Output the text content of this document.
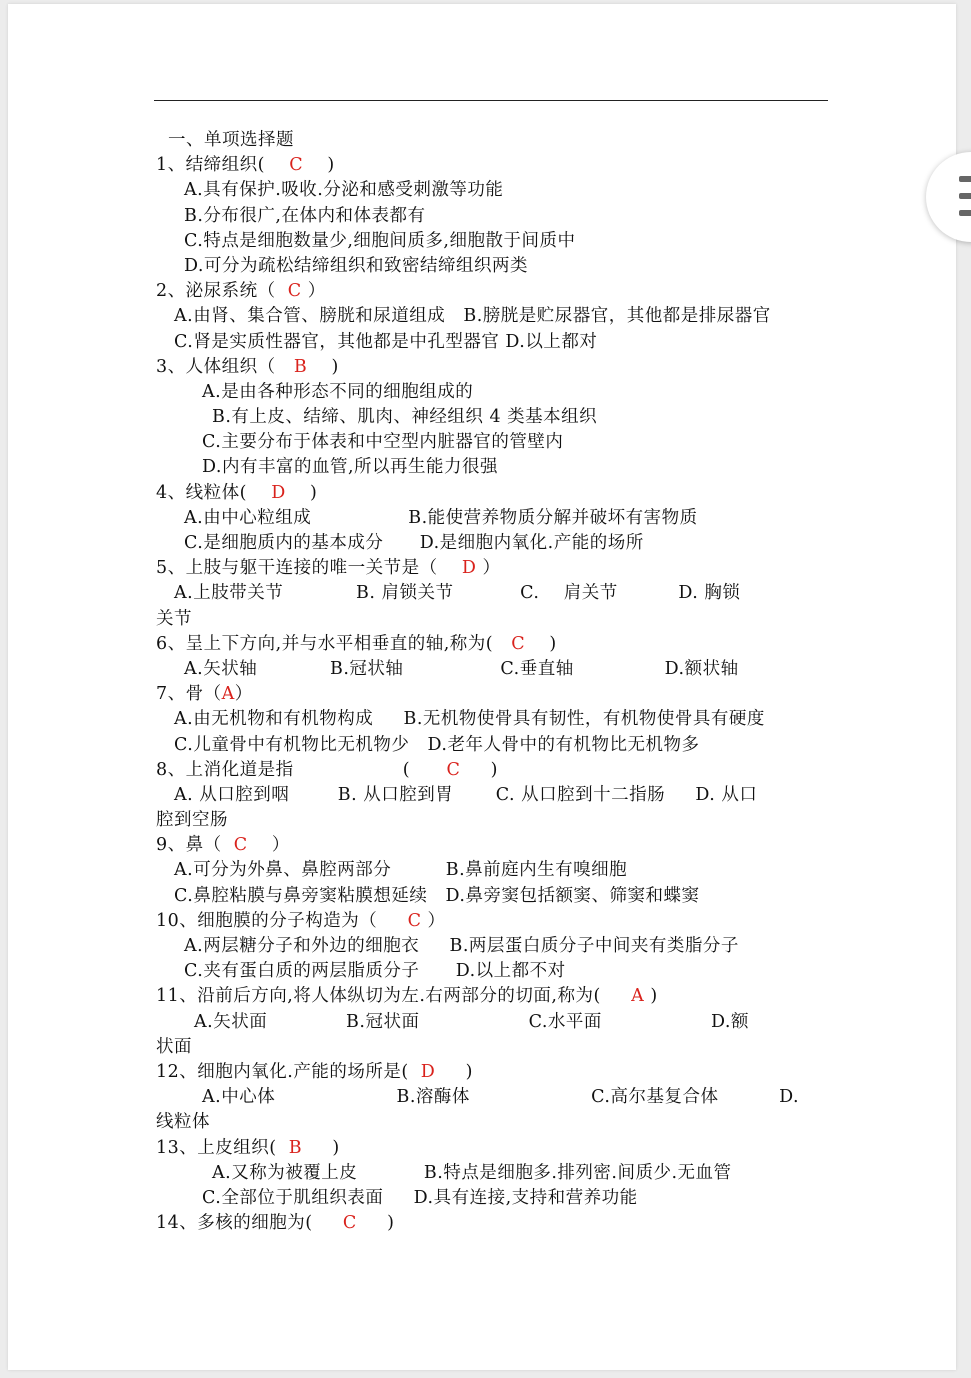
一、单项选择题
1、结缔组织(    C    )
A.具有保护.吸收.分泌和感受刺激等功能
B.分布很广,在体内和体表都有
C.特点是细胞数量少,细胞间质多,细胞散于间质中
D.可分为疏松结缔组织和致密结缔组织两类
2、泌尿系统（  C ）
A.由肾、集合管、膀胱和尿道组成   B.膀胱是贮尿器官，其他都是排尿器官
C.肾是实质性器官，其他都是中孔型器官 D.以上都对
3、人体组织（   B    )
A.是由各种形态不同的细胞组成的
B.有上皮、结缔、肌肉、神经组织 4 类基本组织
C.主要分布于体表和中空型内脏器官的管壁内
D.内有丰富的血管,所以再生能力很强
4、线粒体(    D    )
A.由中心粒组成                B.能使营养物质分解并破坏有害物质
C.是细胞质内的基本成分      D.是细胞内氧化.产能的场所
5、上肢与躯干连接的唯一关节是（    D ）
A.上肢带关节            B. 肩锁关节           C.    肩关节          D. 胸锁
关节
6、呈上下方向,并与水平相垂直的轴,称为(   C    )
A.矢状轴            B.冠状轴                C.垂直轴               D.额状轴
7、骨（A）
A.由无机物和有机物构成     B.无机物使骨具有韧性，有机物使骨具有硬度
C.儿童骨中有机物比无机物少   D.老年人骨中的有机物比无机物多
8、上消化道是指                  (      C     )
A. 从口腔到咽        B. 从口腔到胃       C. 从口腔到十二指肠     D. 从口
腔到空肠
9、鼻（  C    ）
A.可分为外鼻、鼻腔两部分         B.鼻前庭内生有嗅细胞
C.鼻腔粘膜与鼻旁窦粘膜想延续   D.鼻旁窦包括额窦、筛窦和蝶窦
10、细胞膜的分子构造为（     C ）
A.两层糖分子和外边的细胞衣     B.两层蛋白质分子中间夹有类脂分子
C.夹有蛋白质的两层脂质分子      D.以上都不对
11、沿前后方向,将人体纵切为左.右两部分的切面,称为(     A )
A.矢状面             B.冠状面                  C.水平面                  D.额
状面
12、细胞内氧化.产能的场所是(  D     )
A.中心体                    B.溶酶体                    C.高尔基复合体          D.
线粒体
13、上皮组织(  B     )
A.又称为被覆上皮           B.特点是细胞多.排列密.间质少.无血管
C.全部位于肌组织表面     D.具有连接,支持和营养功能
14、多核的细胞为(     C     )
